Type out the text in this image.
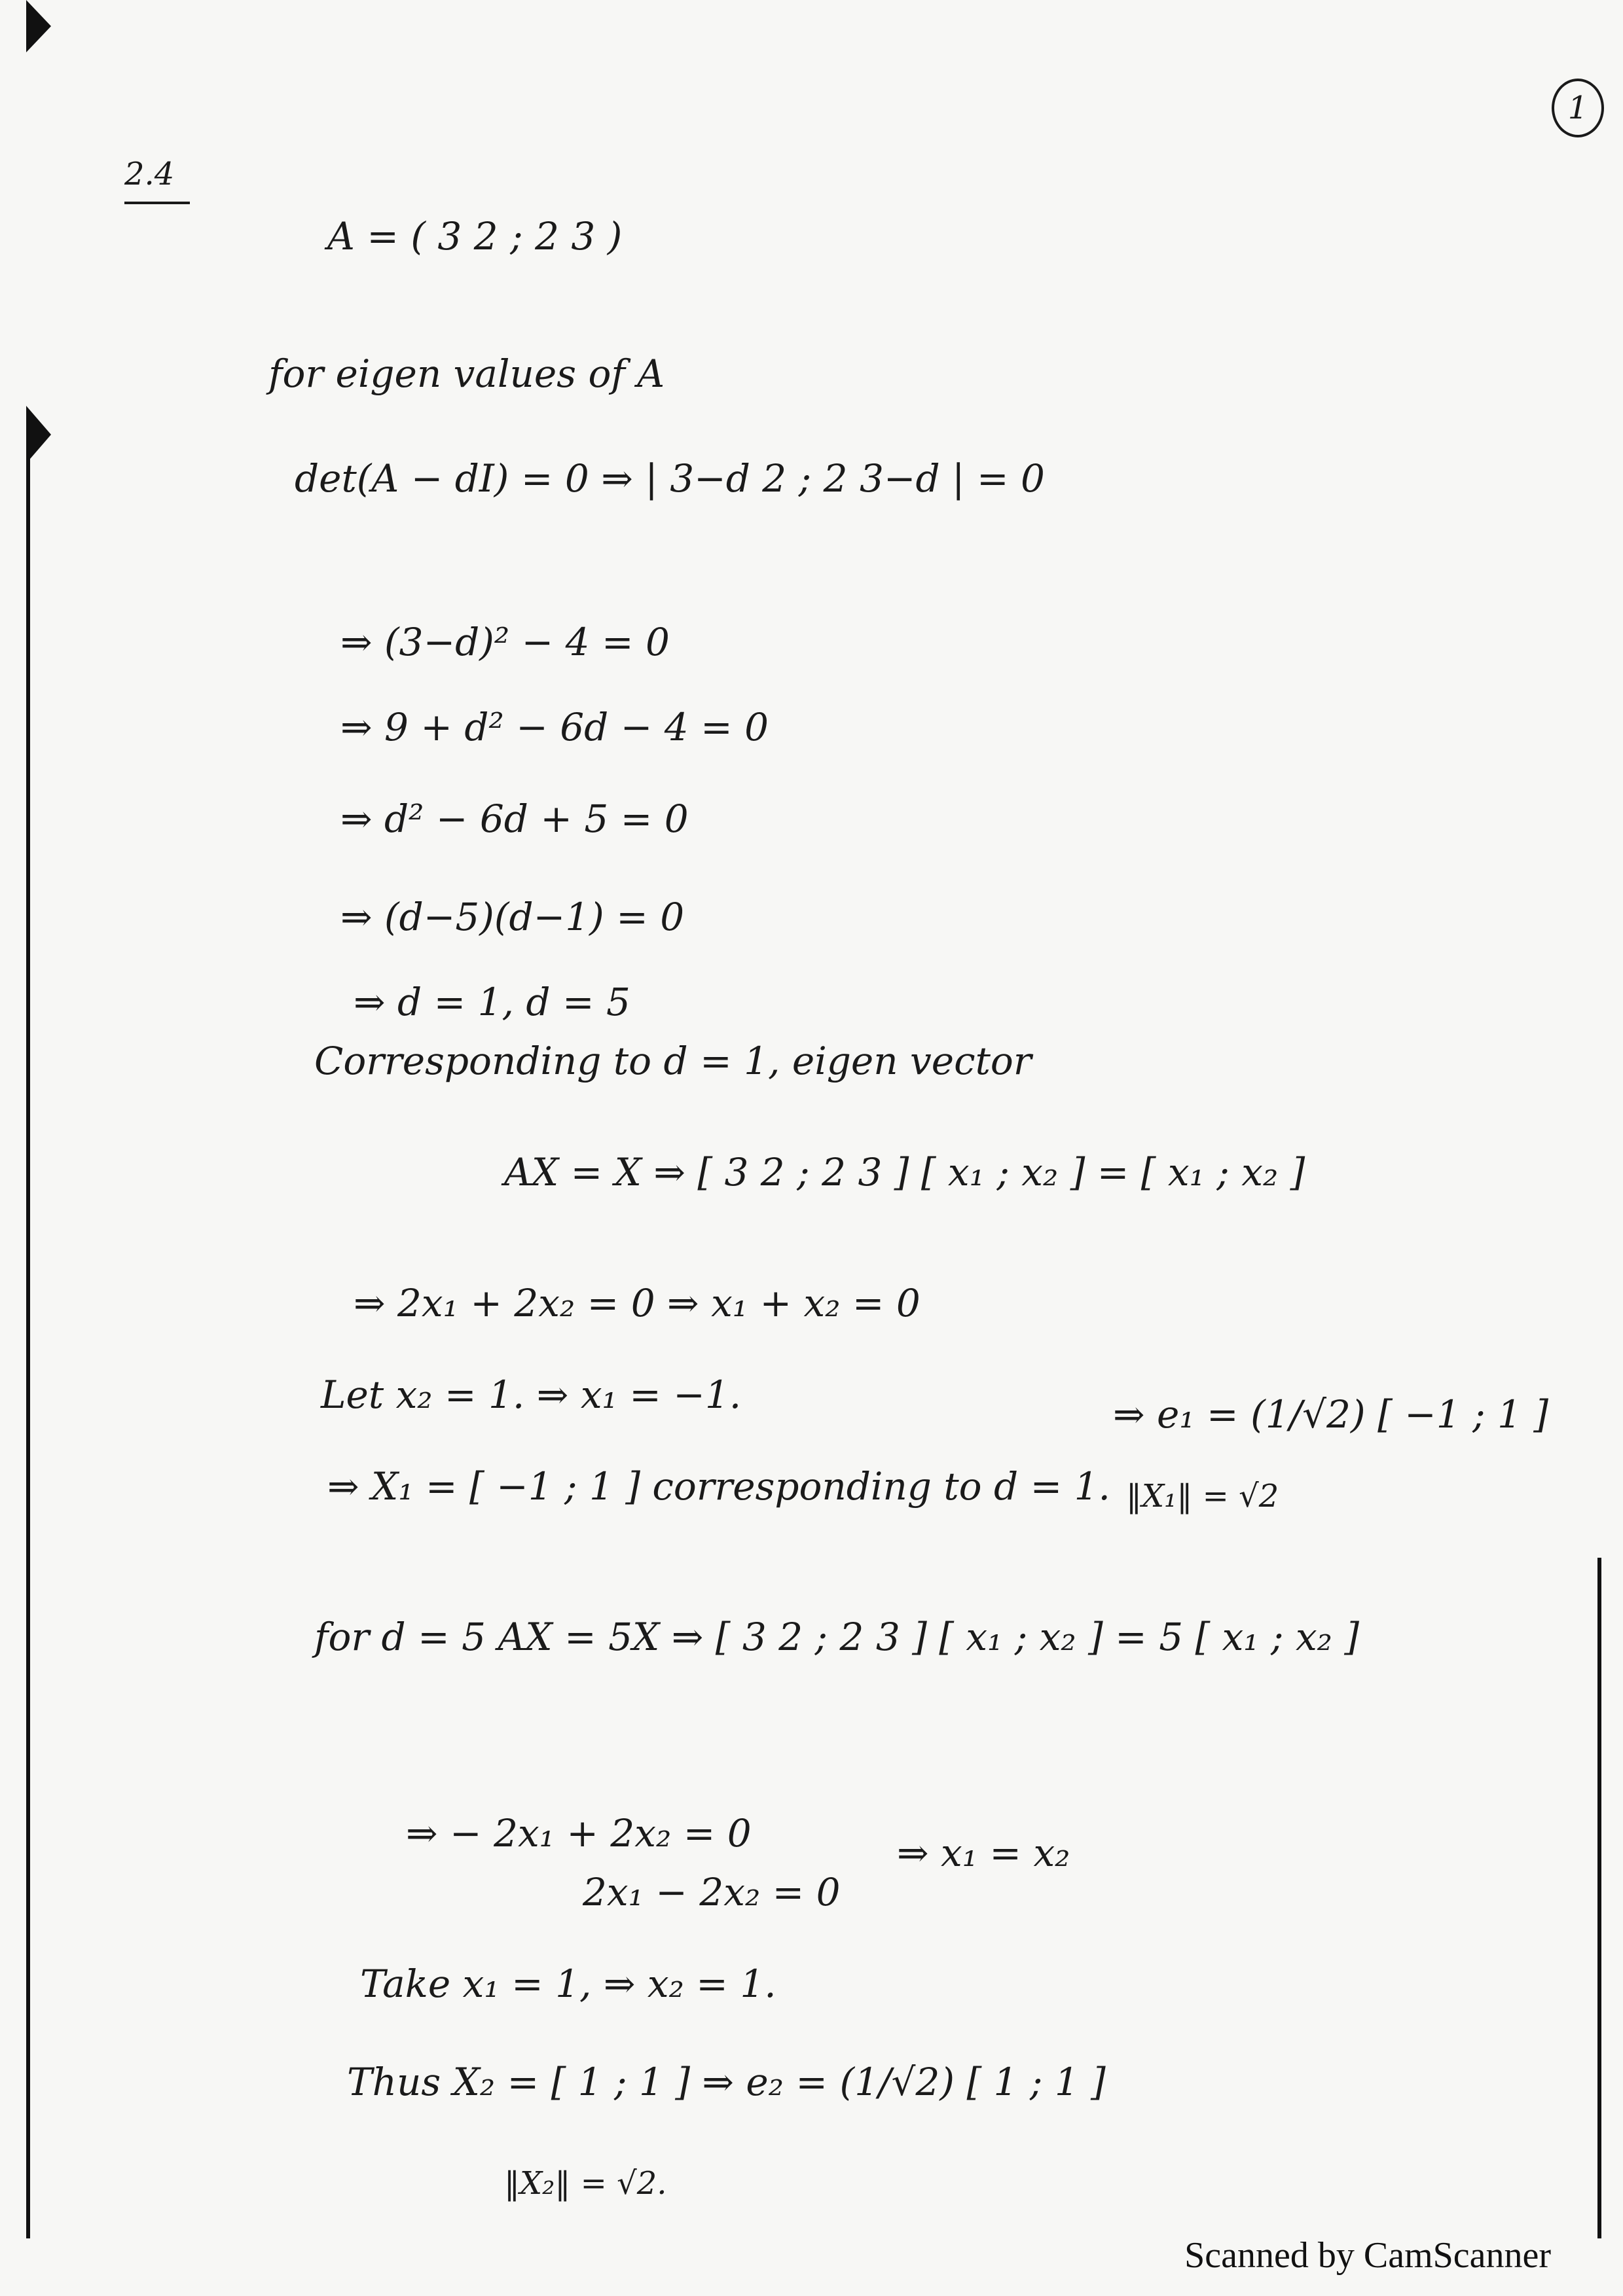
1
2.4
A = ( 3 2 ; 2 3 )
for eigen values of A
det(A − dI) = 0 ⇒ | 3−d 2 ; 2 3−d | = 0
⇒ (3−d)² − 4 = 0
⇒ 9 + d² − 6d − 4 = 0
⇒ d² − 6d + 5 = 0
⇒ (d−5)(d−1) = 0
⇒ d = 1, d = 5
Corresponding to d = 1, eigen vector
AX = X ⇒ [ 3 2 ; 2 3 ] [ x₁ ; x₂ ] = [ x₁ ; x₂ ]
⇒ 2x₁ + 2x₂ = 0 ⇒ x₁ + x₂ = 0
Let x₂ = 1. ⇒ x₁ = −1.
⇒ X₁ = [ −1 ; 1 ] corresponding to d = 1.
⇒ e₁ = (1/√2) [ −1 ; 1 ]
‖X₁‖ = √2
for d = 5 AX = 5X ⇒ [ 3 2 ; 2 3 ] [ x₁ ; x₂ ] = 5 [ x₁ ; x₂ ]
⇒ − 2x₁ + 2x₂ = 0
2x₁ − 2x₂ = 0
⇒ x₁ = x₂
Take x₁ = 1, ⇒ x₂ = 1.
Thus X₂ = [ 1 ; 1 ] ⇒ e₂ = (1/√2) [ 1 ; 1 ]
‖X₂‖ = √2.
Scanned by CamScanner
